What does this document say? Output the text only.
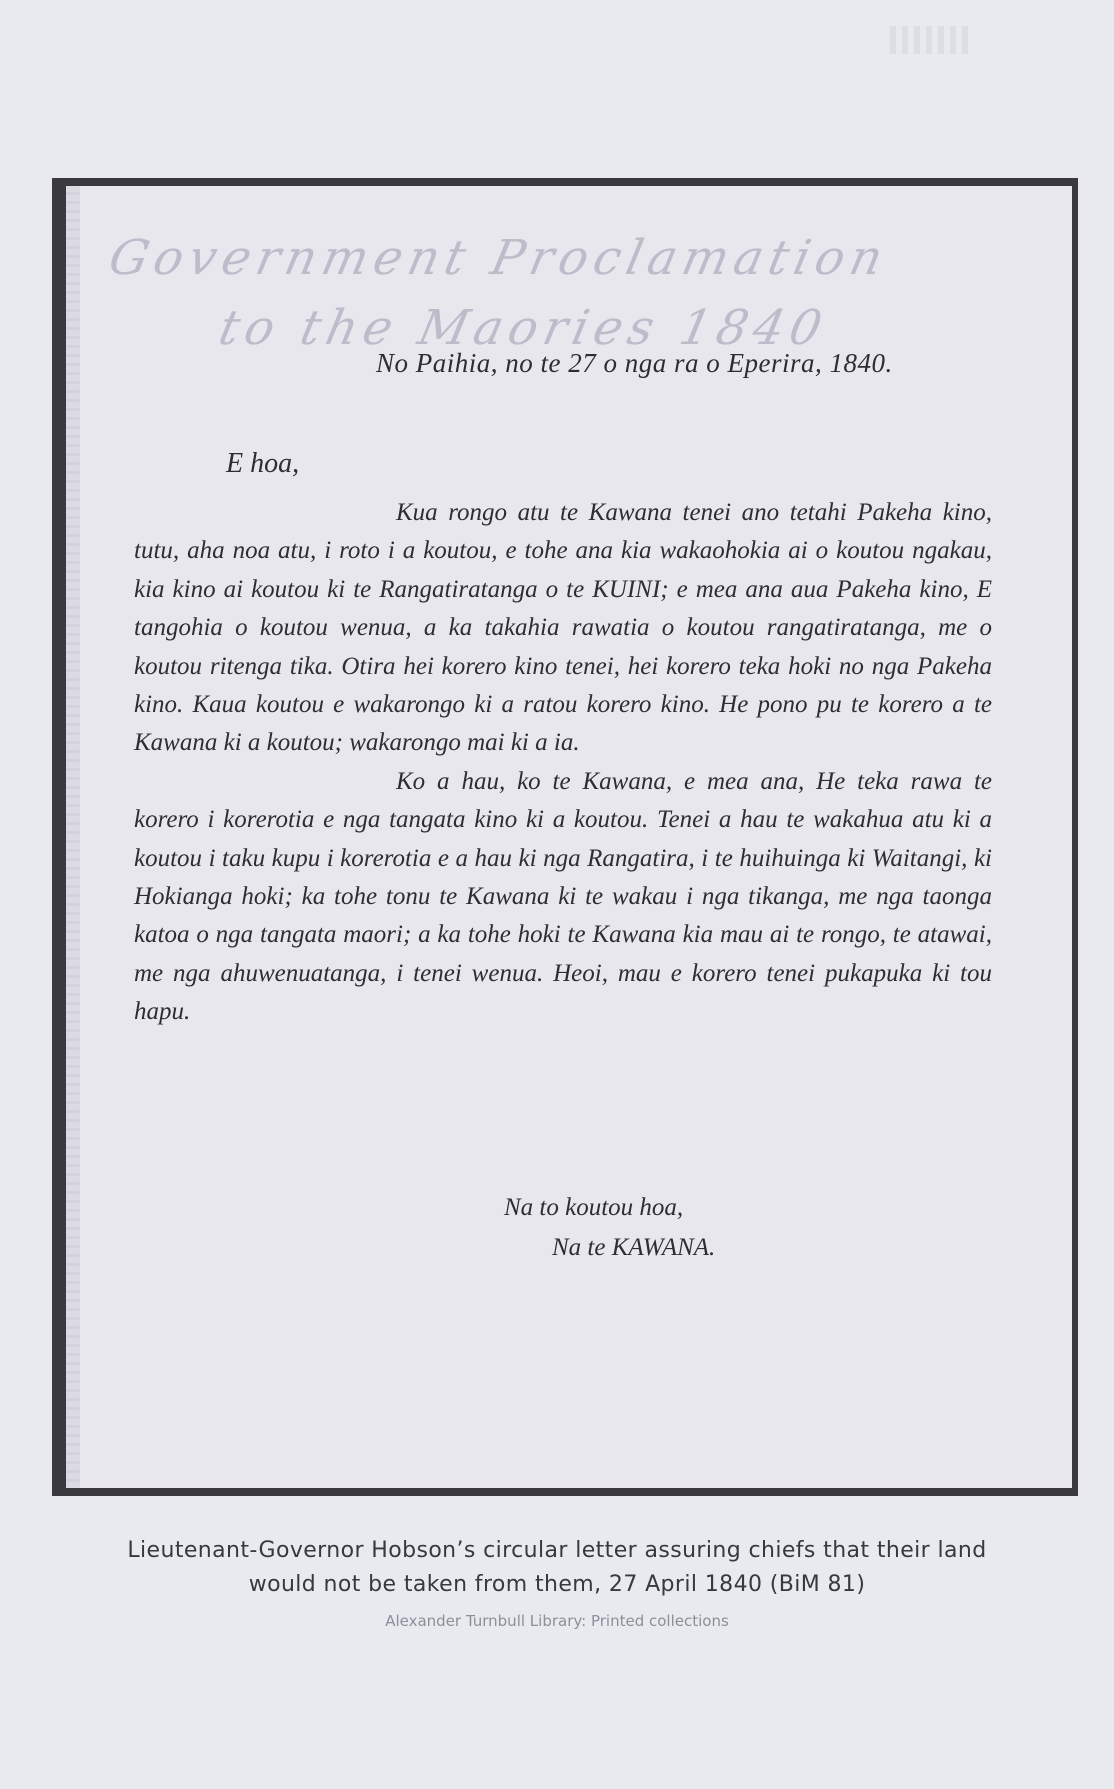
Government Proclamation
to the Maories 1840
No Paihia, no te 27 o nga ra o Eperira, 1840.
E hoa,

Kua rongo atu te Kawana tenei ano tetahi Pakeha kino, tutu, aha noa atu, i roto i a koutou, e tohe ana kia wakaohokia ai o koutou ngakau, kia kino ai koutou ki te Rangatiratanga o te KUINI; e mea ana aua Pakeha kino, E tangohia o koutou wenua, a ka takahia rawatia o koutou rangatiratanga, me o koutou ritenga tika. Otira hei korero kino tenei, hei korero teka hoki no nga Pakeha kino. Kaua koutou e wakarongo ki a ratou korero kino. He pono pu te korero a te Kawana ki a koutou; wakarongo mai ki a ia.

Ko a hau, ko te Kawana, e mea ana, He teka rawa te korero i korerotia e nga tangata kino ki a koutou. Tenei a hau te wakahua atu ki a koutou i taku kupu i korerotia e a hau ki nga Rangatira, i te huihuinga ki Waitangi, ki Hokianga hoki; ka tohe tonu te Kawana ki te wakau i nga tikanga, me nga taonga katoa o nga tangata maori; a ka tohe hoki te Kawana kia mau ai te rongo, te atawai, me nga ahuwenuatanga, i tenei wenua. Heoi, mau e korero tenei pukapuka ki tou hapu.

Na to koutou hoa,
Na te KAWANA.
Lieutenant-Governor Hobson’s circular letter assuring chiefs that their land would not be taken from them, 27 April 1840 (BiM 81)
Alexander Turnbull Library: Printed collections
